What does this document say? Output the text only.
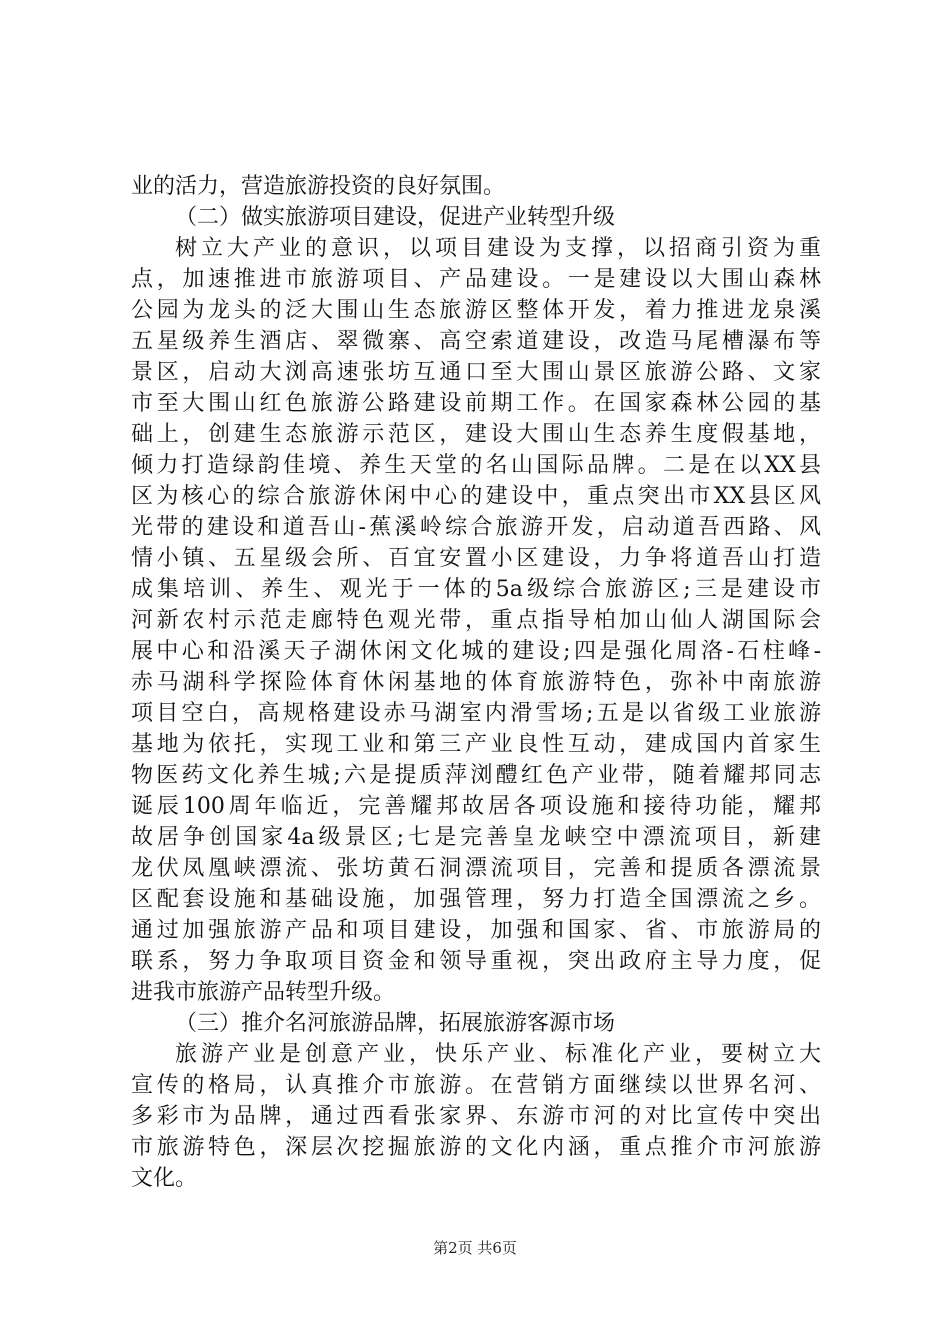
业的活力，营造旅游投资的良好氛围。
（二）做实旅游项目建设，促进产业转型升级
树立大产业的意识，以项目建设为支撑，以招商引资为重
点，加速推进市旅游项目、产品建设。一是建设以大围山森林
公园为龙头的泛大围山生态旅游区整体开发，着力推进龙泉溪
五星级养生酒店、翠微寨、高空索道建设，改造马尾槽瀑布等
景区，启动大浏高速张坊互通口至大围山景区旅游公路、文家
市至大围山红色旅游公路建设前期工作。在国家森林公园的基
础上，创建生态旅游示范区，建设大围山生态养生度假基地，
倾力打造绿韵佳境、养生天堂的名山国际品牌。二是在以XX县
区为核心的综合旅游休闲中心的建设中，重点突出市XX县区风
光带的建设和道吾山-蕉溪岭综合旅游开发，启动道吾西路、风
情小镇、五星级会所、百宜安置小区建设，力争将道吾山打造
成集培训、养生、观光于一体的5a级综合旅游区;三是建设市
河新农村示范走廊特色观光带，重点指导柏加山仙人湖国际会
展中心和沿溪天子湖休闲文化城的建设;四是强化周洛-石柱峰-
赤马湖科学探险体育休闲基地的体育旅游特色，弥补中南旅游
项目空白，高规格建设赤马湖室内滑雪场;五是以省级工业旅游
基地为依托，实现工业和第三产业良性互动，建成国内首家生
物医药文化养生城;六是提质萍浏醴红色产业带，随着耀邦同志
诞辰100周年临近，完善耀邦故居各项设施和接待功能，耀邦
故居争创国家4a级景区;七是完善皇龙峡空中漂流项目，新建
龙伏凤凰峡漂流、张坊黄石洞漂流项目，完善和提质各漂流景
区配套设施和基础设施，加强管理，努力打造全国漂流之乡。
通过加强旅游产品和项目建设，加强和国家、省、市旅游局的
联系，努力争取项目资金和领导重视，突出政府主导力度，促
进我市旅游产品转型升级。
（三）推介名河旅游品牌，拓展旅游客源市场
旅游产业是创意产业，快乐产业、标准化产业，要树立大
宣传的格局，认真推介市旅游。在营销方面继续以世界名河、
多彩市为品牌，通过西看张家界、东游市河的对比宣传中突出
市旅游特色，深层次挖掘旅游的文化内涵，重点推介市河旅游
文化。
第2页 共6页
